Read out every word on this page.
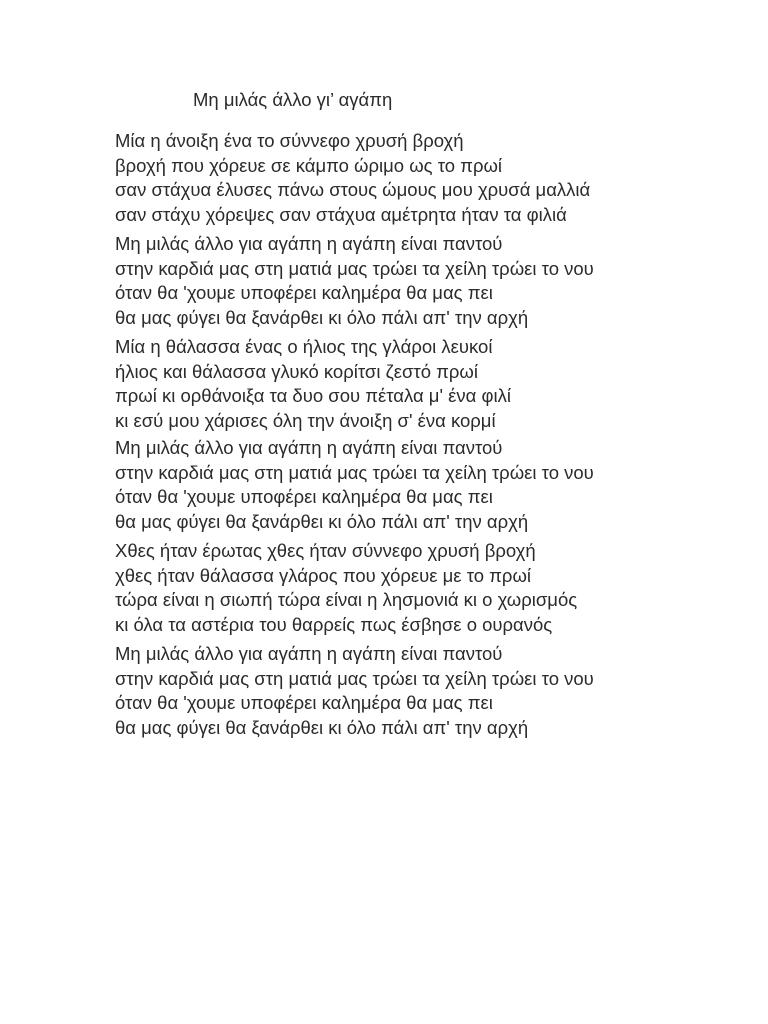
Μη μιλάς άλλο γι’ αγάπη
Μία η άνοιξη ένα το σύννεφο χρυσή βροχή
βροχή που χόρευε σε κάμπο ώριμο ως το πρωί
σαν στάχυα έλυσες πάνω στους ώμους μου χρυσά μαλλιά
σαν στάχυ χόρεψες σαν στάχυα αμέτρητα ήταν τα φιλιά
Μη μιλάς άλλο για αγάπη η αγάπη είναι παντού
στην καρδιά μας στη ματιά μας τρώει τα χείλη τρώει το νου
όταν θα 'χουμε υποφέρει καλημέρα θα μας πει
θα μας φύγει θα ξανάρθει κι όλο πάλι απ' την αρχή
Μία η θάλασσα ένας ο ήλιος της γλάροι λευκοί
ήλιος και θάλασσα γλυκό κορίτσι ζεστό πρωί
πρωί κι ορθάνοιξα τα δυο σου πέταλα μ' ένα φιλί
κι εσύ μου χάρισες όλη την άνοιξη σ' ένα κορμί
Μη μιλάς άλλο για αγάπη η αγάπη είναι παντού
στην καρδιά μας στη ματιά μας τρώει τα χείλη τρώει το νου
όταν θα 'χουμε υποφέρει καλημέρα θα μας πει
θα μας φύγει θα ξανάρθει κι όλο πάλι απ' την αρχή
Χθες ήταν έρωτας χθες ήταν σύννεφο χρυσή βροχή
χθες ήταν θάλασσα γλάρος που χόρευε με το πρωί
τώρα είναι η σιωπή τώρα είναι η λησμονιά κι ο χωρισμός
κι όλα τα αστέρια του θαρρείς πως έσβησε ο ουρανός
Μη μιλάς άλλο για αγάπη η αγάπη είναι παντού
στην καρδιά μας στη ματιά μας τρώει τα χείλη τρώει το νου
όταν θα 'χουμε υποφέρει καλημέρα θα μας πει
θα μας φύγει θα ξανάρθει κι όλο πάλι απ' την αρχή
